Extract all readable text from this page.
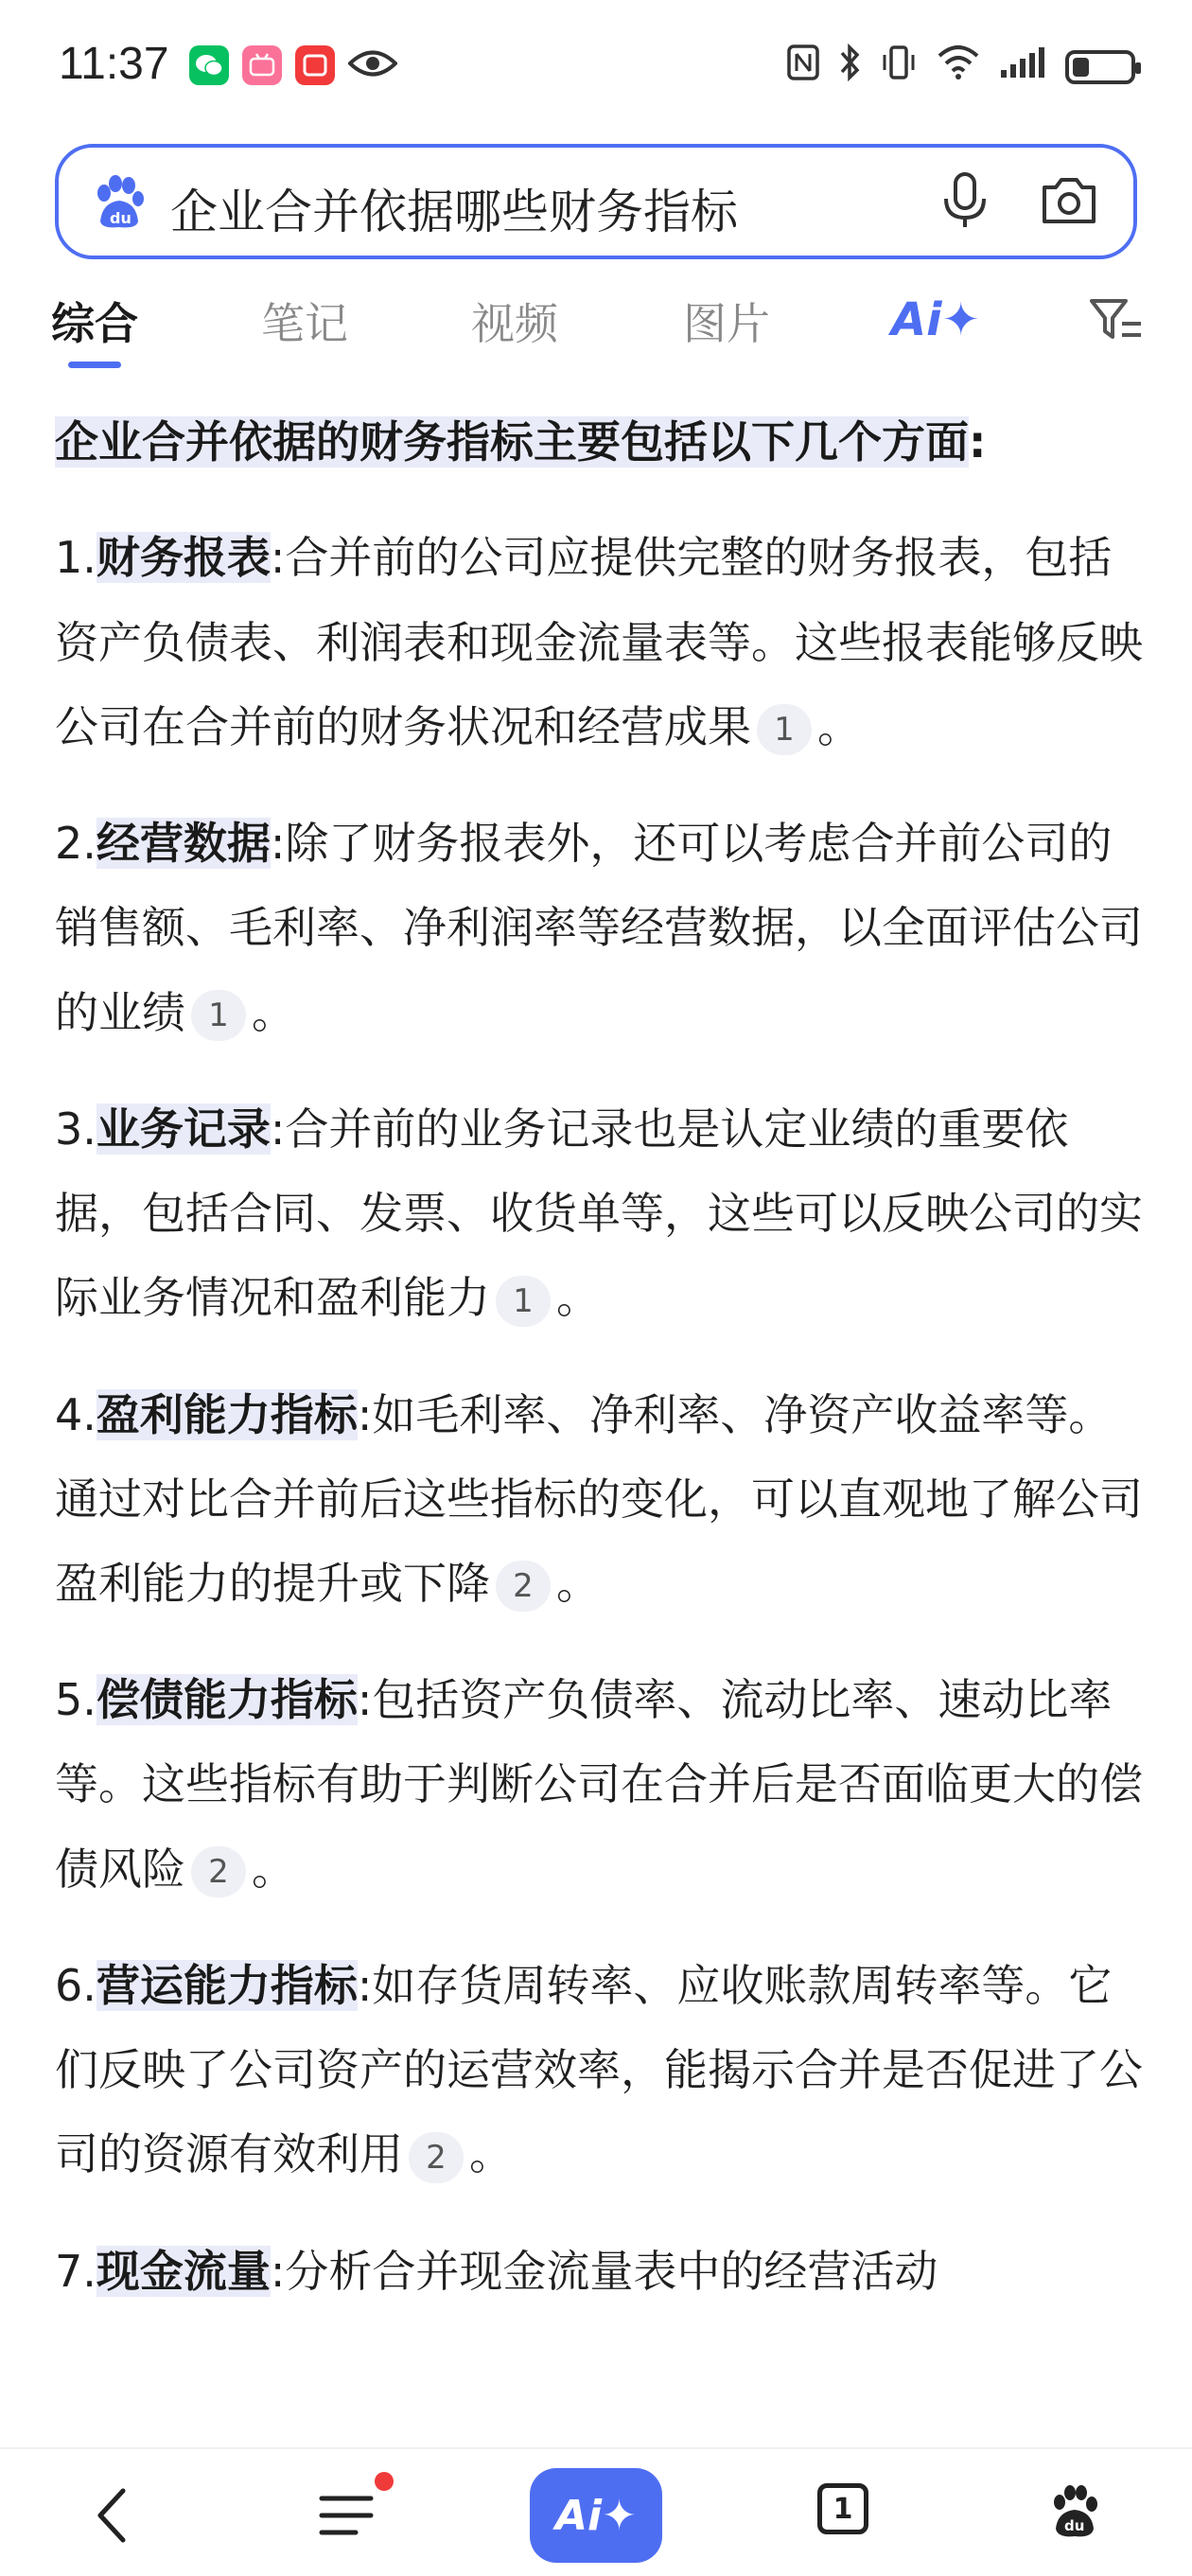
11:37
du 企业合并依据哪些财务指标
综合	笔记	视频	图片	Ai✦

企业合并依据的财务指标主要包括以下几个方面:

1.财务报表:合并前的公司应提供完整的财务报表，包括资产负债表、利润表和现金流量表等。这些报表能够反映公司在合并前的财务状况和经营成果 1 。

2.经营数据:除了财务报表外，还可以考虑合并前公司的销售额、毛利率、净利润率等经营数据，以全面评估公司的业绩 1 。

3.业务记录:合并前的业务记录也是认定业绩的重要依据，包括合同、发票、收货单等，这些可以反映公司的实际业务情况和盈利能力 1 。

4.盈利能力指标:如毛利率、净利率、净资产收益率等。通过对比合并前后这些指标的变化，可以直观地了解公司盈利能力的提升或下降 2 。

5.偿债能力指标:包括资产负债率、流动比率、速动比率等。这些指标有助于判断公司在合并后是否面临更大的偿债风险 2 。

6.营运能力指标:如存货周转率、应收账款周转率等。它们反映了公司资产的运营效率，能揭示合并是否促进了公司的资源有效利用 2 。

7.现金流量:分析合并现金流量表中的经营活动

Ai✦	1
du
